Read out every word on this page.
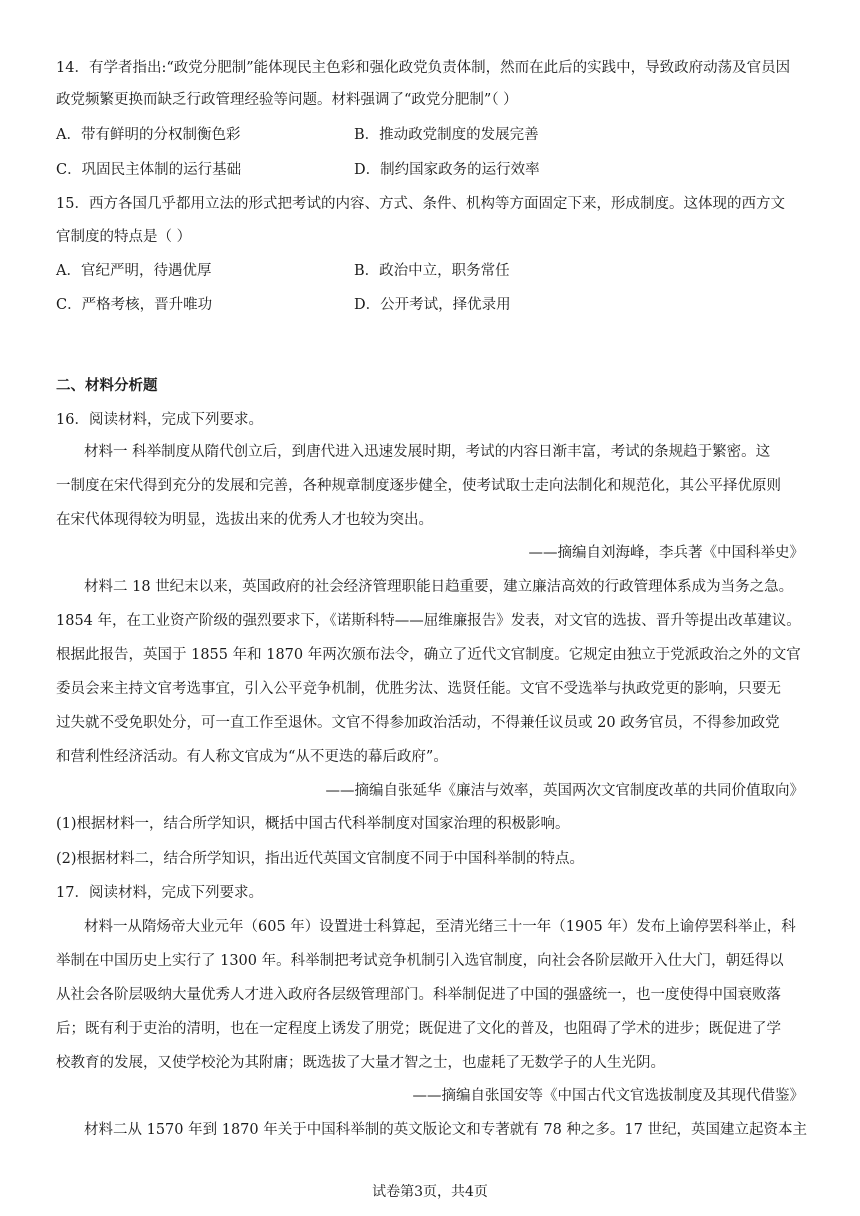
14．有学者指出:“政党分肥制”能体现民主色彩和强化政党负责体制，然而在此后的实践中，导致政府动荡及官员因
政党频繁更换而缺乏行政管理经验等问题。材料强调了“政党分肥制”（ ）
A．带有鲜明的分权制衡色彩	B．推动政党制度的发展完善
C．巩固民主体制的运行基础	D．制约国家政务的运行效率
15．西方各国几乎都用立法的形式把考试的内容、方式、条件、机构等方面固定下来，形成制度。这体现的西方文
官制度的特点是（ ）
A．官纪严明，待遇优厚	B．政治中立，职务常任
C．严格考核，晋升唯功	D．公开考试，择优录用
二、材料分析题
16．阅读材料，完成下列要求。
材料一 科举制度从隋代创立后，到唐代进入迅速发展时期，考试的内容日渐丰富，考试的条规趋于繁密。这
一制度在宋代得到充分的发展和完善，各种规章制度逐步健全，使考试取士走向法制化和规范化，其公平择优原则
在宋代体现得较为明显，选拔出来的优秀人才也较为突出。
——摘编自刘海峰，李兵著《中国科举史》
材料二 18 世纪末以来，英国政府的社会经济管理职能日趋重要，建立廉洁高效的行政管理体系成为当务之急。
1854 年，在工业资产阶级的强烈要求下，《诺斯科特——屈维廉报告》发表，对文官的选拔、晋升等提出改革建议。
根据此报告，英国于 1855 年和 1870 年两次颁布法令，确立了近代文官制度。它规定由独立于党派政治之外的文官
委员会来主持文官考选事宜，引入公平竞争机制，优胜劣汰、选贤任能。文官不受选举与执政党更的影响，只要无
过失就不受免职处分，可一直工作至退休。文官不得参加政治活动，不得兼任议员或 20 政务官员，不得参加政党
和营利性经济活动。有人称文官成为“从不更迭的幕后政府”。
——摘编自张延华《廉洁与效率，英国两次文官制度改革的共同价值取向》
(1)根据材料一，结合所学知识，概括中国古代科举制度对国家治理的积极影响。
(2)根据材料二，结合所学知识，指出近代英国文官制度不同于中国科举制的特点。
17．阅读材料，完成下列要求。
材料一从隋炀帝大业元年（605 年）设置进士科算起，至清光绪三十一年（1905 年）发布上谕停罢科举止，科
举制在中国历史上实行了 1300 年。科举制把考试竞争机制引入选官制度，向社会各阶层敞开入仕大门，朝廷得以
从社会各阶层吸纳大量优秀人才进入政府各层级管理部门。科举制促进了中国的强盛统一，也一度使得中国衰败落
后；既有利于吏治的清明，也在一定程度上诱发了朋党；既促进了文化的普及，也阻碍了学术的进步；既促进了学
校教育的发展，又使学校沦为其附庸；既选拔了大量才智之士，也虚耗了无数学子的人生光阴。
——摘编自张国安等《中国古代文官选拔制度及其现代借鉴》
材料二从 1570 年到 1870 年关于中国科举制的英文版论文和专著就有 78 种之多。17 世纪，英国建立起资本主
试卷第3页，共4页
